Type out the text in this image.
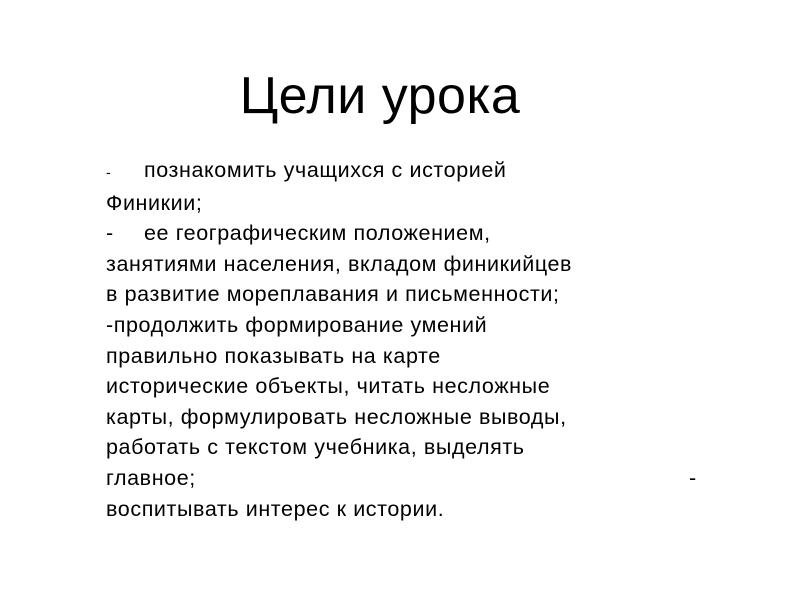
Цели урока
- познакомить учащихся с историей
Финикии;
- ее географическим положением,
занятиями населения, вкладом финикийцев
в развитие мореплавания и письменности;
-продолжить формирование умений
правильно показывать на карте
исторические объекты, читать несложные
карты, формулировать несложные выводы,
работать с текстом учебника, выделять
главное;	-
воспитывать интерес к истории.
